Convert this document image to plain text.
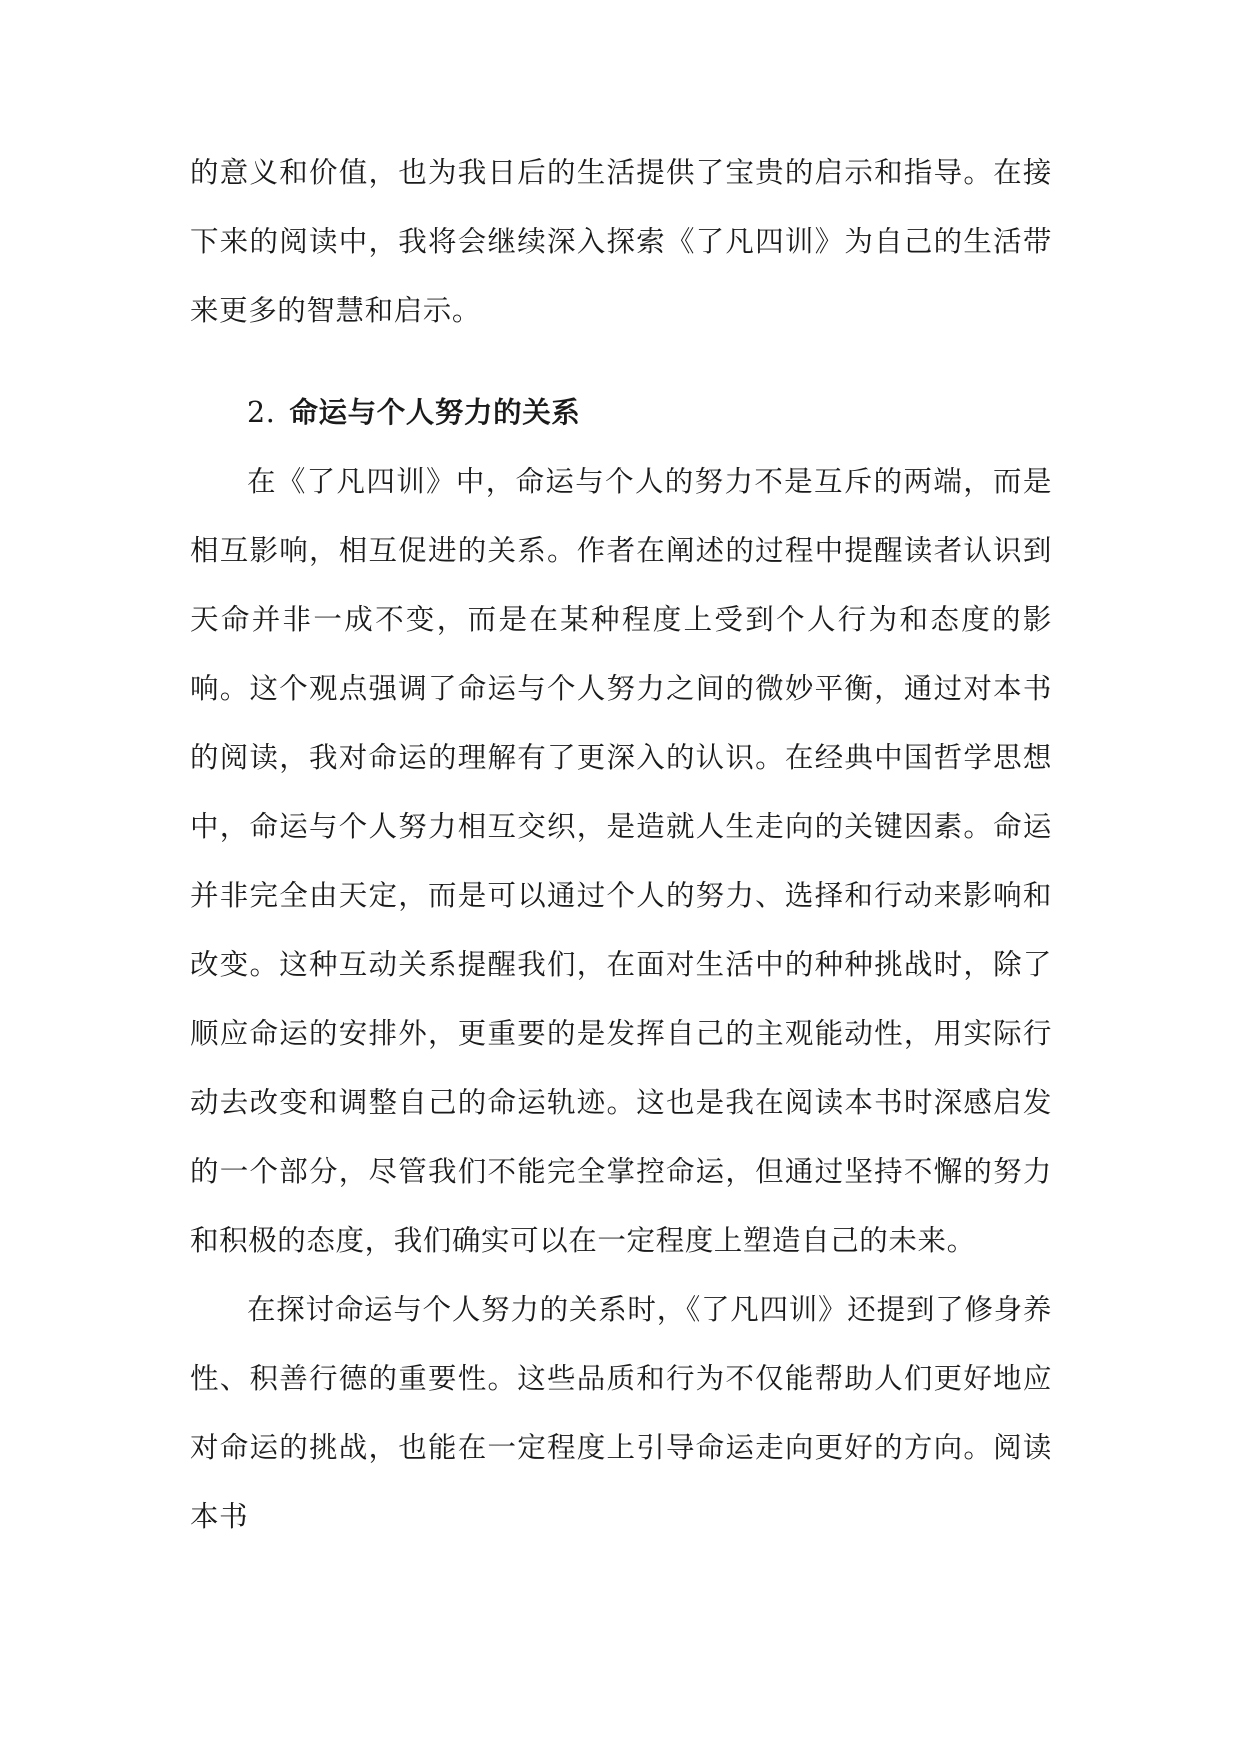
的意义和价值，也为我日后的生活提供了宝贵的启示和指导。在接下来的阅读中，我将会继续深入探索《了凡四训》为自己的生活带来更多的智慧和启示。

2. 命运与个人努力的关系

在《了凡四训》中，命运与个人的努力不是互斥的两端，而是相互影响，相互促进的关系。作者在阐述的过程中提醒读者认识到天命并非一成不变，而是在某种程度上受到个人行为和态度的影响。这个观点强调了命运与个人努力之间的微妙平衡，通过对本书的阅读，我对命运的理解有了更深入的认识。在经典中国哲学思想中，命运与个人努力相互交织，是造就人生走向的关键因素。命运并非完全由天定，而是可以通过个人的努力、选择和行动来影响和改变。这种互动关系提醒我们，在面对生活中的种种挑战时，除了顺应命运的安排外，更重要的是发挥自己的主观能动性，用实际行动去改变和调整自己的命运轨迹。这也是我在阅读本书时深感启发的一个部分，尽管我们不能完全掌控命运，但通过坚持不懈的努力和积极的态度，我们确实可以在一定程度上塑造自己的未来。

在探讨命运与个人努力的关系时，《了凡四训》还提到了修身养性、积善行德的重要性。这些品质和行为不仅能帮助人们更好地应对命运的挑战，也能在一定程度上引导命运走向更好的方向。阅读本书
